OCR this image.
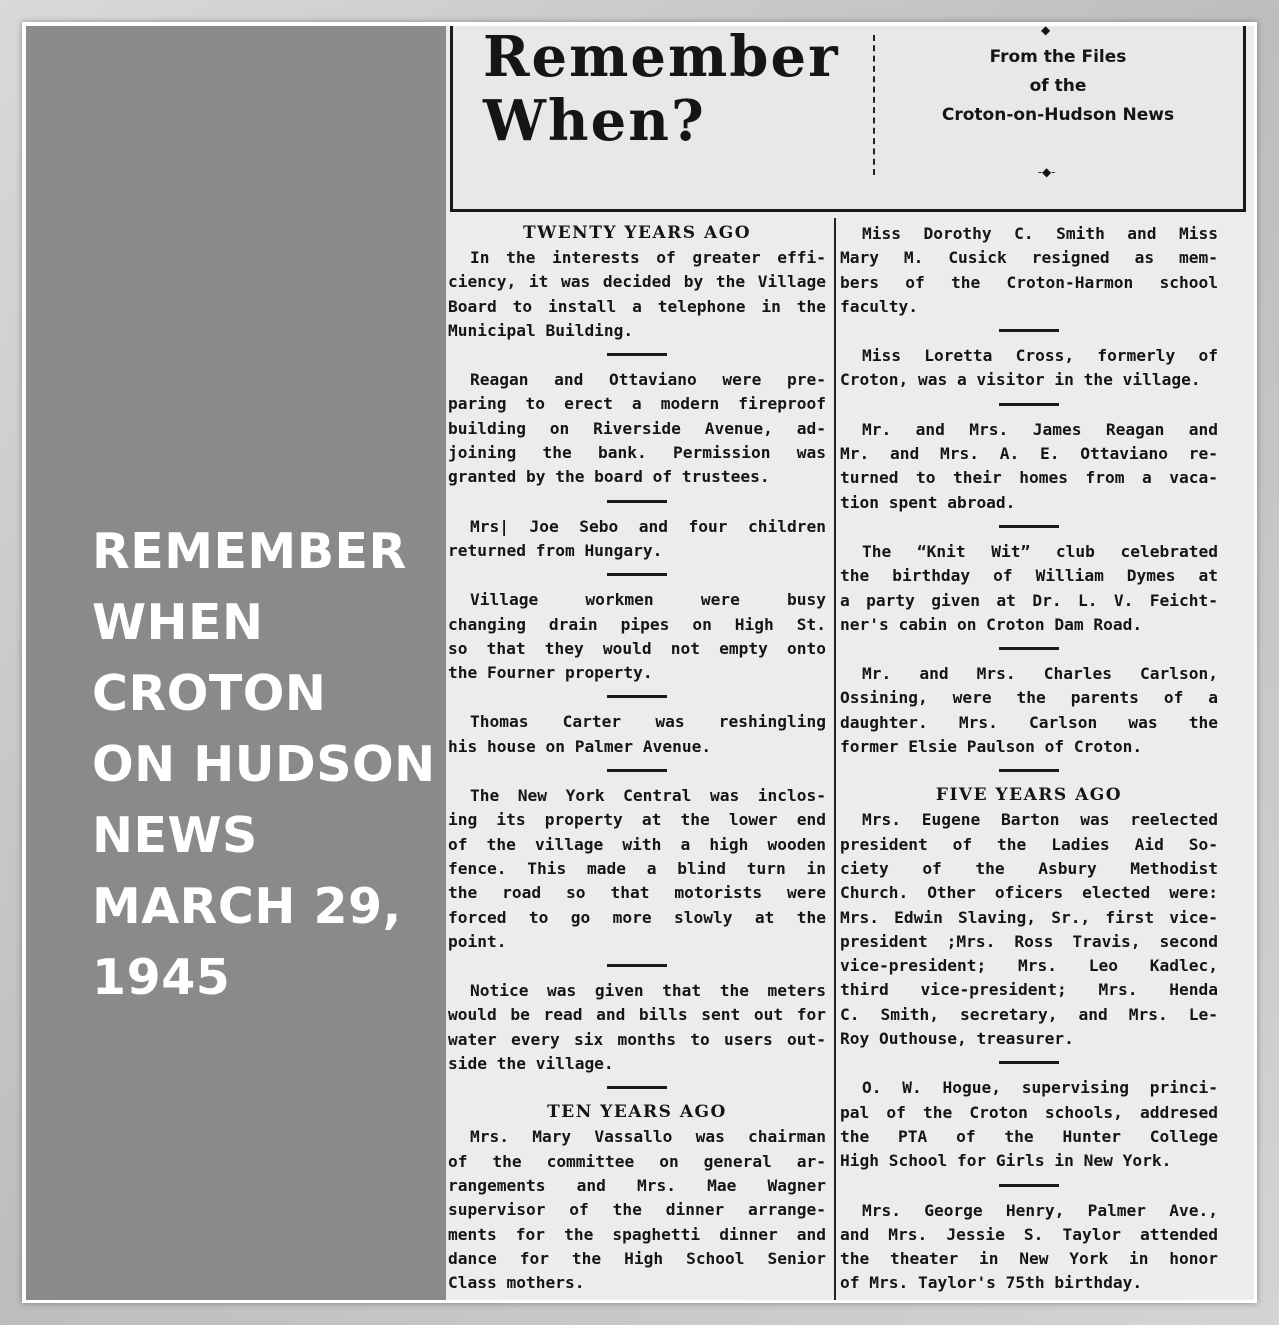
REMEMBER
WHEN
CROTON
ON HUDSON
NEWS
MARCH 29,
1945
Remember
When?
◆
From the Files
of the
Croton-on-Hudson News
-◆-
TWENTY YEARS AGO
In the interests of greater effi-
ciency, it was decided by the Village
Board to install a telephone in the
Municipal Building.
Reagan and Ottaviano were pre-
paring to erect a modern fireproof
building on Riverside Avenue, ad-
joining the bank. Permission was
granted by the board of trustees.
Mrs| Joe Sebo and four children
returned from Hungary.
Village workmen were busy
changing drain pipes on High St.
so that they would not empty onto
the Fourner property.
Thomas Carter was reshingling
his house on Palmer Avenue.
The New York Central was inclos-
ing its property at the lower end
of the village with a high wooden
fence. This made a blind turn in
the road so that motorists were
forced to go more slowly at the
point.
Notice was given that the meters
would be read and bills sent out for
water every six months to users out-
side the village.
TEN YEARS AGO
Mrs. Mary Vassallo was chairman
of the committee on general ar-
rangements and Mrs. Mae Wagner
supervisor of the dinner arrange-
ments for the spaghetti dinner and
dance for the High School Senior
Class mothers.
Miss Dorothy C. Smith and Miss
Mary M. Cusick resigned as mem-
bers of the Croton-Harmon school
faculty.
Miss Loretta Cross, formerly of
Croton, was a visitor in the village.
Mr. and Mrs. James Reagan and
Mr. and Mrs. A. E. Ottaviano re-
turned to their homes from a vaca-
tion spent abroad.
The “Knit Wit” club celebrated
the birthday of William Dymes at
a party given at Dr. L. V. Feicht-
ner's cabin on Croton Dam Road.
Mr. and Mrs. Charles Carlson,
Ossining, were the parents of a
daughter. Mrs. Carlson was the
former Elsie Paulson of Croton.
FIVE YEARS AGO
Mrs. Eugene Barton was reelected
president of the Ladies Aid So-
ciety of the Asbury Methodist
Church. Other oficers elected were:
Mrs. Edwin Slaving, Sr., first vice-
president ;Mrs. Ross Travis, second
vice-president; Mrs. Leo Kadlec,
third vice-president; Mrs. Henda
C. Smith, secretary, and Mrs. Le-
Roy Outhouse, treasurer.
O. W. Hogue, supervising princi-
pal of the Croton schools, addresed
the PTA of the Hunter College
High School for Girls in New York.
Mrs. George Henry, Palmer Ave.,
and Mrs. Jessie S. Taylor attended
the theater in New York in honor
of Mrs. Taylor's 75th birthday.
